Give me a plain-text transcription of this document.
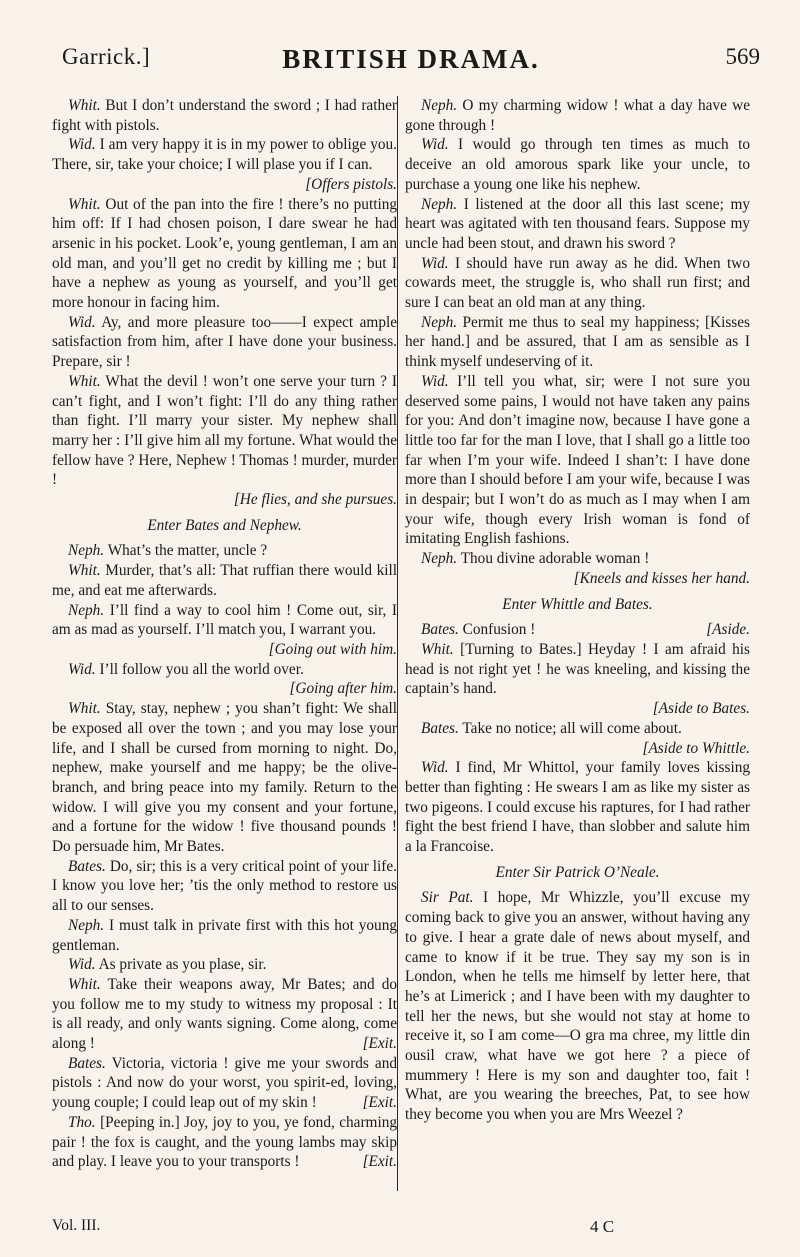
Garrick.]	BRITISH DRAMA.	569

Whit. But I don’t understand the sword ; I had rather fight with pistols.

Wid. I am very happy it is in my power to oblige you. There, sir, take your choice; I will plase you if I can.

[Offers pistols.

Whit. Out of the pan into the fire ! there’s no putting him off: If I had chosen poison, I dare swear he had arsenic in his pocket. Look’e, young gentleman, I am an old man, and you’ll get no credit by killing me ; but I have a nephew as young as yourself, and you’ll get more honour in facing him.

Wid. Ay, and more pleasure too——I expect ample satisfaction from him, after I have done your business. Prepare, sir !

Whit. What the devil ! won’t one serve your turn ? I can’t fight, and I won’t fight: I’ll do any thing rather than fight. I’ll marry your sister. My nephew shall marry her : I’ll give him all my fortune. What would the fellow have ? Here, Nephew ! Thomas ! murder, murder !

[He flies, and she pursues.

Enter Bates and Nephew.

Neph. What’s the matter, uncle ?

Whit. Murder, that’s all: That ruffian there would kill me, and eat me afterwards.

Neph. I’ll find a way to cool him ! Come out, sir, I am as mad as yourself. I’ll match you, I warrant you.

[Going out with him.

Wid. I’ll follow you all the world over.

[Going after him.

Whit. Stay, stay, nephew ; you shan’t fight: We shall be exposed all over the town ; and you may lose your life, and I shall be cursed from morning to night. Do, nephew, make yourself and me happy; be the olive-branch, and bring peace into my family. Return to the widow. I will give you my consent and your fortune, and a fortune for the widow ! five thousand pounds ! Do persuade him, Mr Bates.

Bates. Do, sir; this is a very critical point of your life. I know you love her; ’tis the only method to restore us all to our senses.

Neph. I must talk in private first with this hot young gentleman.

Wid. As private as you plase, sir.

Whit. Take their weapons away, Mr Bates; and do you follow me to my study to witness my proposal : It is all ready, and only wants signing. Come along, come along !	[Exit.

Bates. Victoria, victoria ! give me your swords and pistols : And now do your worst, you spirit-ed, loving, young couple; I could leap out of my skin !	[Exit.

Tho. [Peeping in.] Joy, joy to you, ye fond, charming pair ! the fox is caught, and the young lambs may skip and play. I leave you to your transports !	[Exit.

Neph. O my charming widow ! what a day have we gone through !

Wid. I would go through ten times as much to deceive an old amorous spark like your uncle, to purchase a young one like his nephew.

Neph. I listened at the door all this last scene; my heart was agitated with ten thousand fears. Suppose my uncle had been stout, and drawn his sword ?

Wid. I should have run away as he did. When two cowards meet, the struggle is, who shall run first; and sure I can beat an old man at any thing.

Neph. Permit me thus to seal my happiness; [Kisses her hand.] and be assured, that I am as sensible as I think myself undeserving of it.

Wid. I’ll tell you what, sir; were I not sure you deserved some pains, I would not have taken any pains for you: And don’t imagine now, because I have gone a little too far for the man I love, that I shall go a little too far when I’m your wife. Indeed I shan’t: I have done more than I should before I am your wife, because I was in despair; but I won’t do as much as I may when I am your wife, though every Irish woman is fond of imitating English fashions.

Neph. Thou divine adorable woman !

[Kneels and kisses her hand.

Enter Whittle and Bates.

Bates. Confusion !	[Aside.

Whit. [Turning to Bates.] Heyday ! I am afraid his head is not right yet ! he was kneeling, and kissing the captain’s hand.

[Aside to Bates.

Bates. Take no notice; all will come about.

[Aside to Whittle.

Wid. I find, Mr Whittol, your family loves kissing better than fighting : He swears I am as like my sister as two pigeons. I could excuse his raptures, for I had rather fight the best friend I have, than slobber and salute him a la Francoise.

Enter Sir Patrick O’Neale.

Sir Pat. I hope, Mr Whizzle, you’ll excuse my coming back to give you an answer, without having any to give. I hear a grate dale of news about myself, and came to know if it be true. They say my son is in London, when he tells me himself by letter here, that he’s at Limerick ; and I have been with my daughter to tell her the news, but she would not stay at home to receive it, so I am come—O gra ma chree, my little din ousil craw, what have we got here ? a piece of mummery ! Here is my son and daughter too, fait ! What, are you wearing the breeches, Pat, to see how they become you when you are Mrs Weezel ?

Vol. III.	4 C
